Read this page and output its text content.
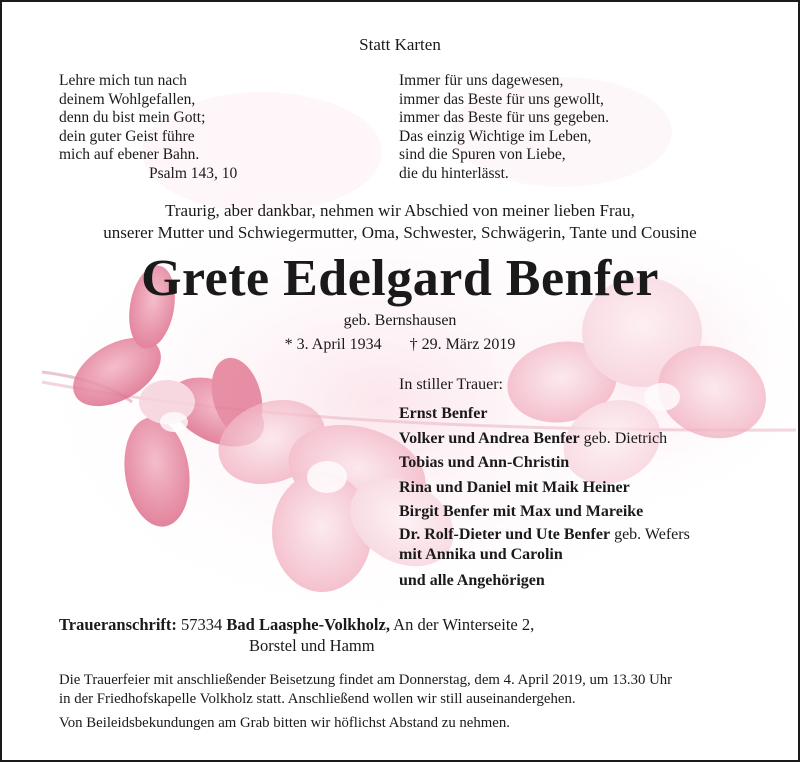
Statt Karten
Lehre mich tun nach
deinem Wohlgefallen,
denn du bist mein Gott;
dein guter Geist führe
mich auf ebener Bahn.
Psalm 143, 10
Immer für uns dagewesen,
immer das Beste für uns gewollt,
immer das Beste für uns gegeben.
Das einzig Wichtige im Leben,
sind die Spuren von Liebe,
die du hinterlässt.
Traurig, aber dankbar, nehmen wir Abschied von meiner lieben Frau,
unserer Mutter und Schwiegermutter, Oma, Schwester, Schwägerin, Tante und Cousine
Grete Edelgard Benfer
geb. Bernshausen
* 3. April 1934 † 29. März 2019
In stiller Trauer:
Ernst Benfer
Volker und Andrea Benfer geb. Dietrich
Tobias und Ann-Christin
Rina und Daniel mit Maik Heiner
Birgit Benfer mit Max und Mareike
Dr. Rolf-Dieter und Ute Benfer geb. Wefers
mit Annika und Carolin
und alle Angehörigen
Traueranschrift: 57334 Bad Laasphe-Volkholz, An der Winterseite 2,
Borstel und Hamm
Die Trauerfeier mit anschließender Beisetzung findet am Donnerstag, dem 4. April 2019, um 13.30 Uhr
in der Friedhofskapelle Volkholz statt. Anschließend wollen wir still auseinandergehen.
Von Beileidsbekundungen am Grab bitten wir höflichst Abstand zu nehmen.
